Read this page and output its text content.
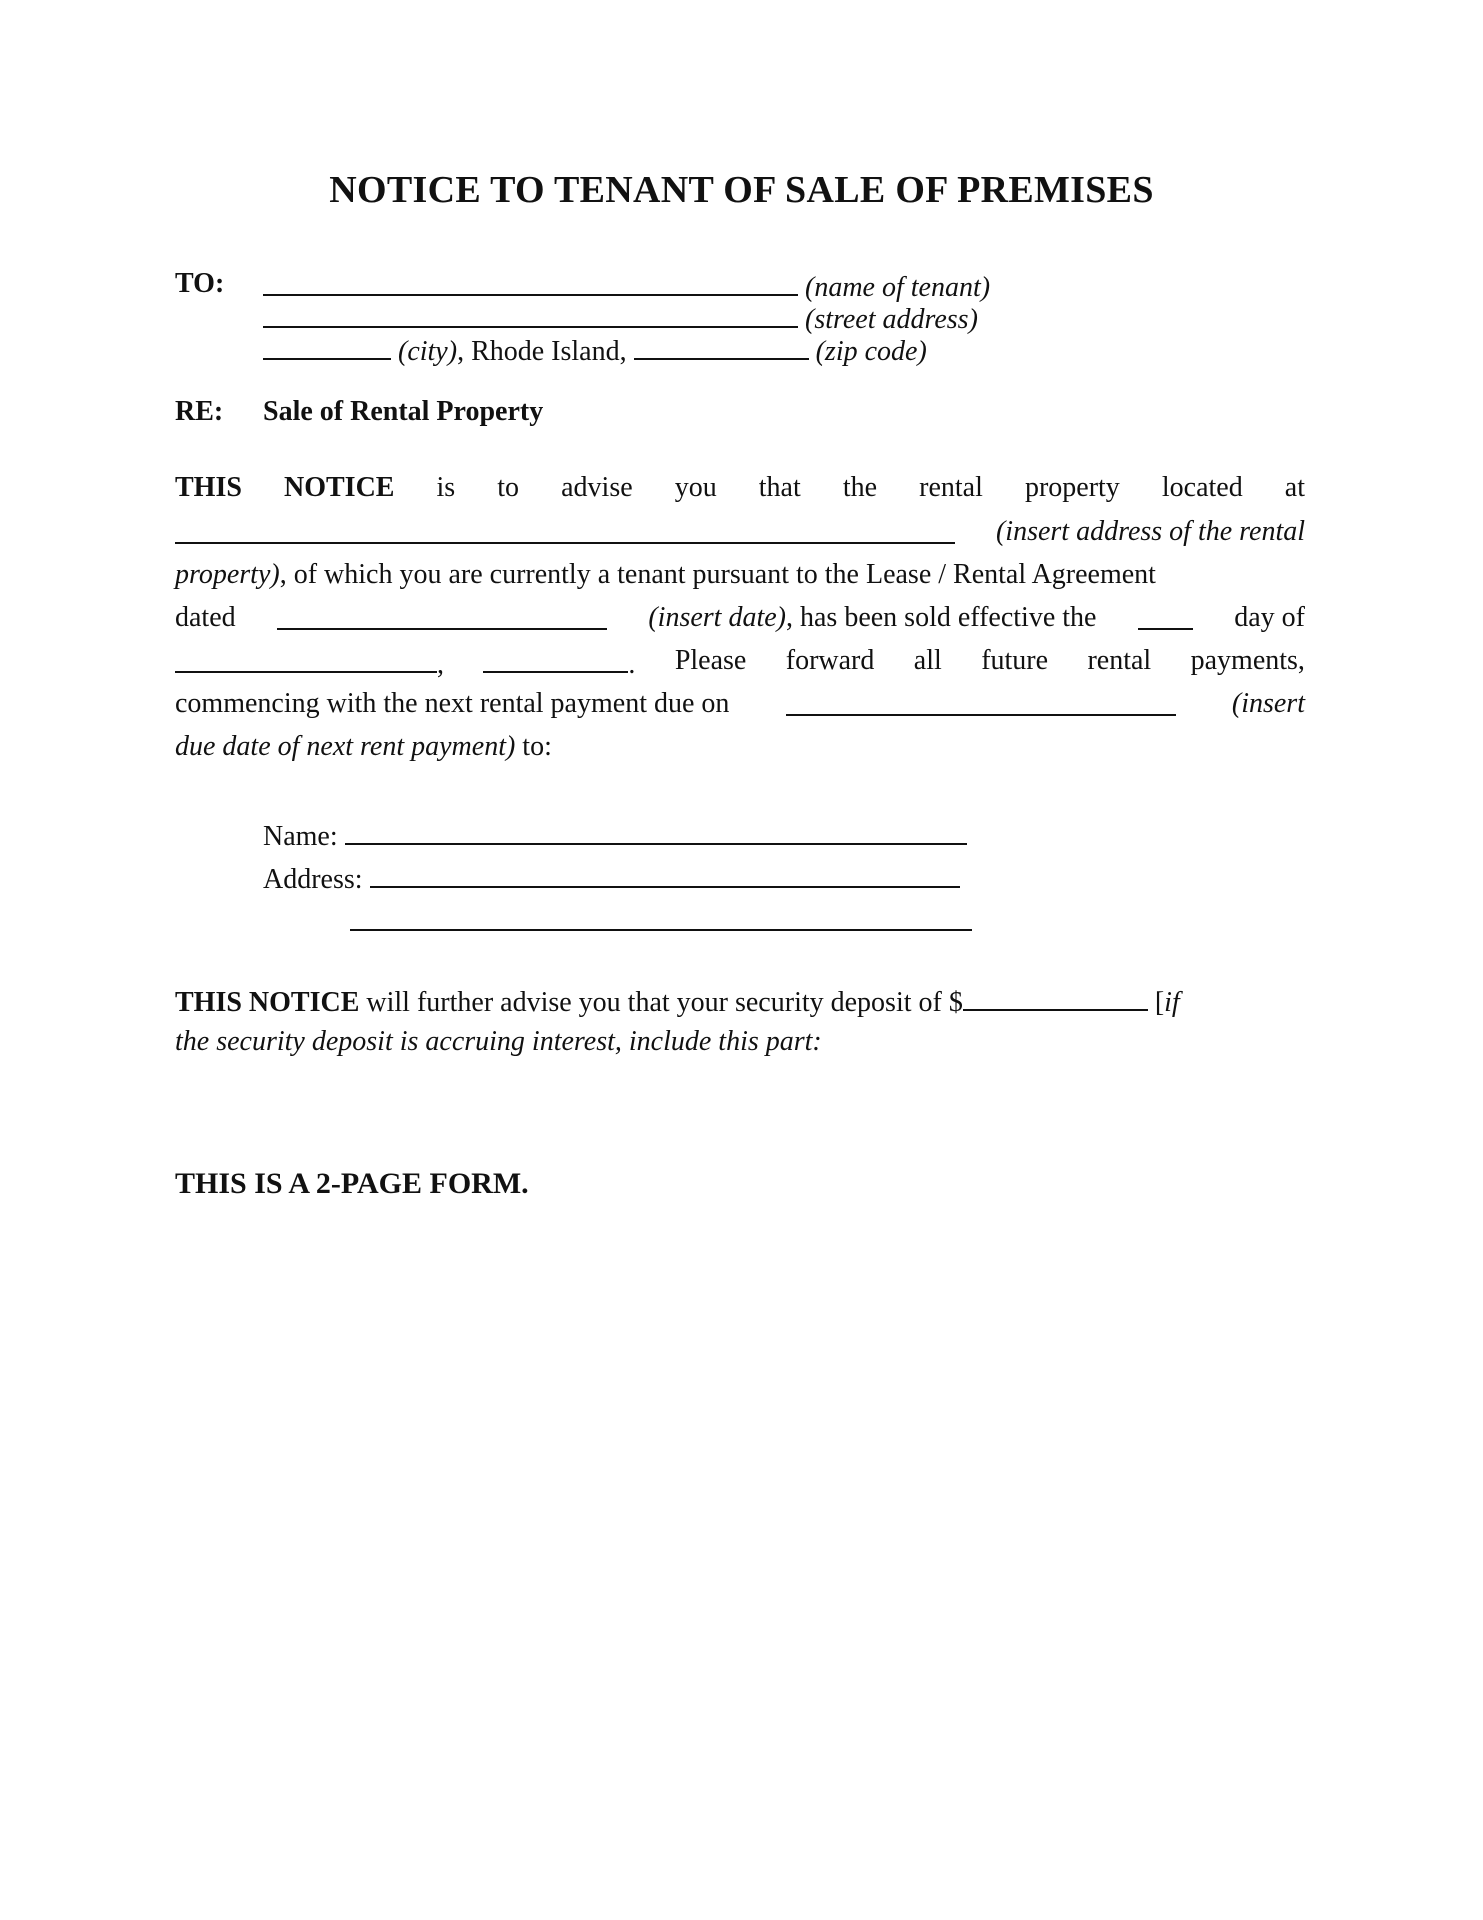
NOTICE TO TENANT OF SALE OF PREMISES
TO:	(name of tenant)
(street address)
(city), Rhode Island,	(zip code)
RE: Sale of Rental Property
THIS NOTICE is to advise you that the rental property located at
(insert address of the rental
property), of which you are currently a tenant pursuant to the Lease / Rental Agreement
dated	(insert date), has been sold effective the	day of
,	. Please forward all future rental payments,
commencing with the next rental payment due on	(insert
due date of next rent payment) to:
Name:
Address:
THIS NOTICE will further advise you that your security deposit of $	[if
the security deposit is accruing interest, include this part:
THIS IS A 2-PAGE FORM.
